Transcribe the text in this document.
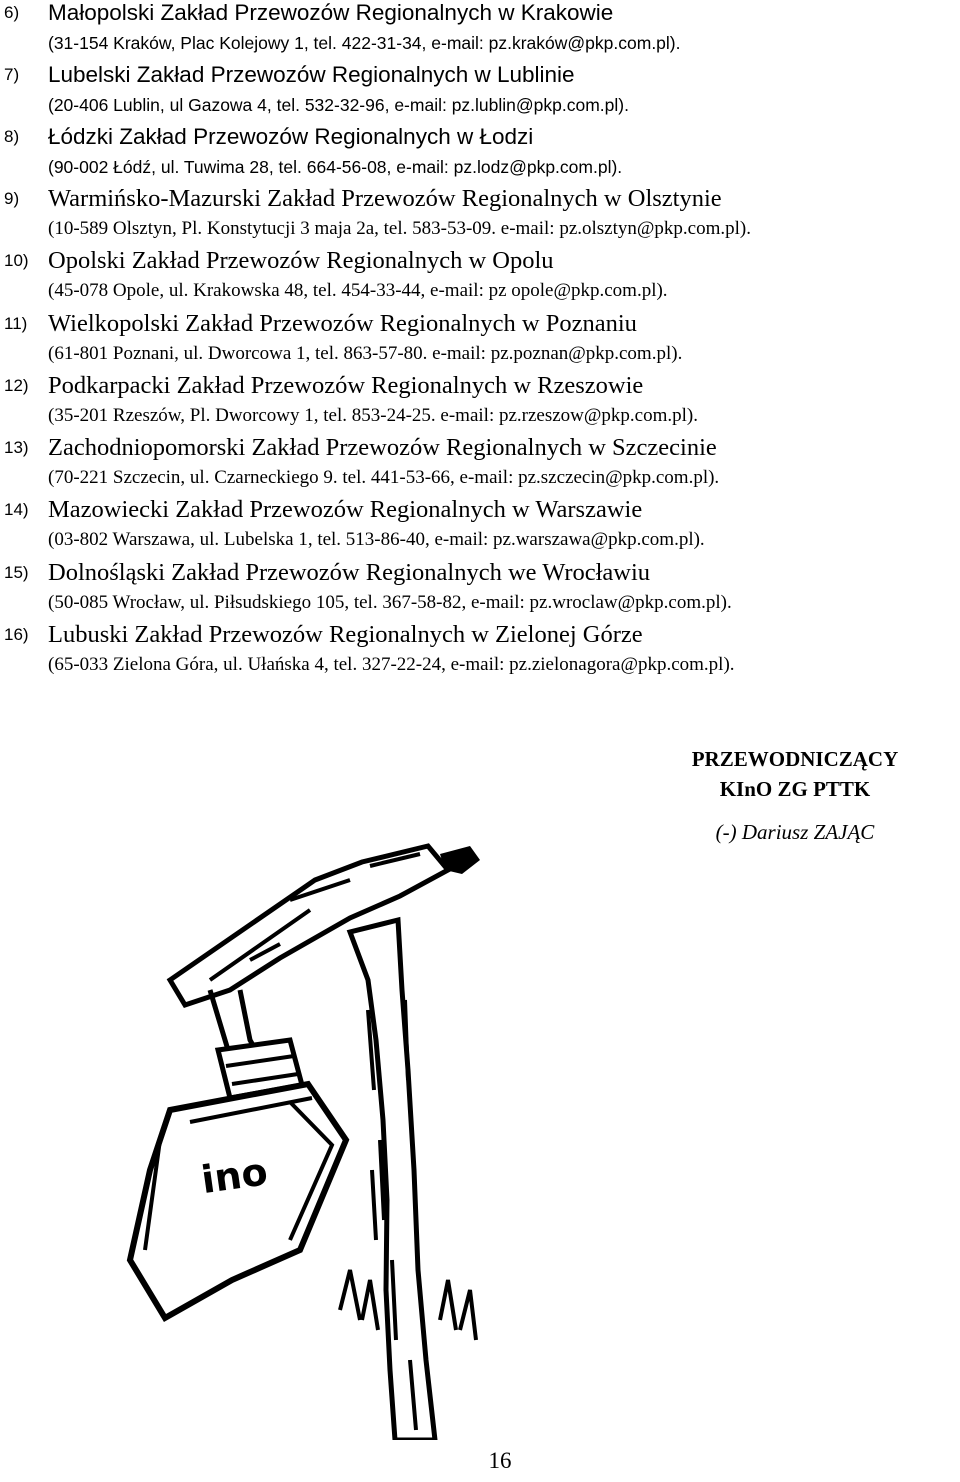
6) Małopolski Zakład Przewozów Regionalnych w Krakowie
(31-154 Kraków, Plac Kolejowy 1, tel. 422-31-34, e-mail: pz.kraków@pkp.com.pl).
7) Lubelski Zakład Przewozów Regionalnych w Lublinie
(20-406 Lublin, ul Gazowa 4, tel. 532-32-96, e-mail: pz.lublin@pkp.com.pl).
8) Łódzki Zakład Przewozów Regionalnych w Łodzi
(90-002 Łódź, ul. Tuwima 28, tel. 664-56-08, e-mail: pz.lodz@pkp.com.pl).
9) Warmińsko-Mazurski Zakład Przewozów Regionalnych w Olsztynie
(10-589 Olsztyn, Pl. Konstytucji 3 maja 2a, tel. 583-53-09. e-mail: pz.olsztyn@pkp.com.pl).
10) Opolski Zakład Przewozów Regionalnych w Opolu
(45-078 Opole, ul. Krakowska 48, tel. 454-33-44, e-mail: pz opole@pkp.com.pl).
11) Wielkopolski Zakład Przewozów Regionalnych w Poznaniu
(61-801 Poznani, ul. Dworcowa 1, tel. 863-57-80. e-mail: pz.poznan@pkp.com.pl).
12) Podkarpacki Zakład Przewozów Regionalnych w Rzeszowie
(35-201 Rzeszów, Pl. Dworcowy 1, tel. 853-24-25. e-mail: pz.rzeszow@pkp.com.pl).
13) Zachodniopomorski Zakład Przewozów Regionalnych w Szczecinie
(70-221 Szczecin, ul. Czarneckiego 9. tel. 441-53-66, e-mail: pz.szczecin@pkp.com.pl).
14) Mazowiecki Zakład Przewozów Regionalnych w Warszawie
(03-802 Warszawa, ul. Lubelska 1, tel. 513-86-40, e-mail: pz.warszawa@pkp.com.pl).
15) Dolnośląski Zakład Przewozów Regionalnych we Wrocławiu
(50-085 Wrocław, ul. Piłsudskiego 105, tel. 367-58-82, e-mail: pz.wroclaw@pkp.com.pl).
16) Lubuski Zakład Przewozów Regionalnych w Zielonej Górze
(65-033 Zielona Góra, ul. Ułańska 4, tel. 327-22-24, e-mail: pz.zielonagora@pkp.com.pl).
PRZEWODNICZĄCY
KInO ZG PTTK
(-) Dariusz ZAJĄC
ino
16
